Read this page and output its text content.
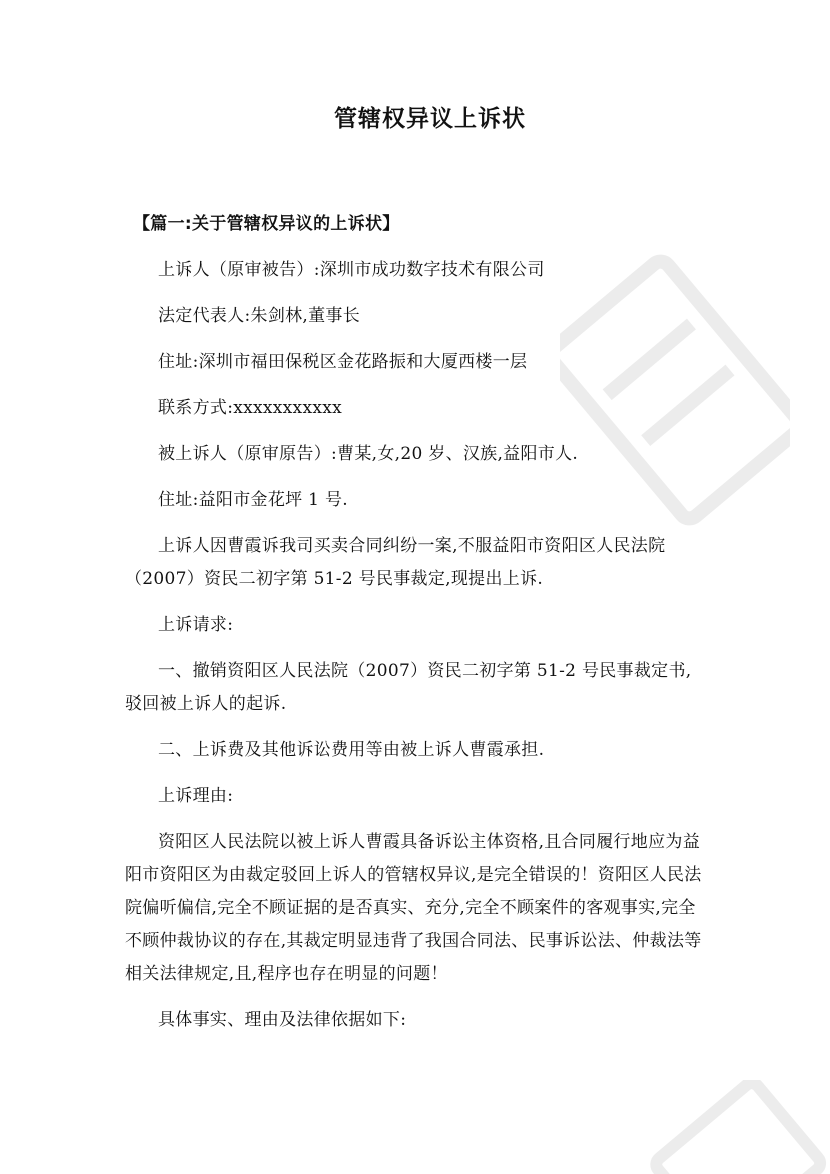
管辖权异议上诉状

【篇一:关于管辖权异议的上诉状】

上诉人（原审被告）:深圳市成功数字技术有限公司

法定代表人:朱剑林,董事长

住址:深圳市福田保税区金花路振和大厦西楼一层

联系方式:xxxxxxxxxxx

被上诉人（原审原告）:曹某,女,20 岁、汉族,益阳市人.

住址:益阳市金花坪 1 号.

上诉人因曹霞诉我司买卖合同纠纷一案,不服益阳市资阳区人民法院（2007）资民二初字第 51-2 号民事裁定,现提出上诉.

上诉请求:

一、撤销资阳区人民法院（2007）资民二初字第 51-2 号民事裁定书,驳回被上诉人的起诉.

二、上诉费及其他诉讼费用等由被上诉人曹霞承担.

上诉理由:

资阳区人民法院以被上诉人曹霞具备诉讼主体资格,且合同履行地应为益阳市资阳区为由裁定驳回上诉人的管辖权异议,是完全错误的！资阳区人民法院偏听偏信,完全不顾证据的是否真实、充分,完全不顾案件的客观事实,完全不顾仲裁协议的存在,其裁定明显违背了我国合同法、民事诉讼法、仲裁法等相关法律规定,且,程序也存在明显的问题！

具体事实、理由及法律依据如下:
